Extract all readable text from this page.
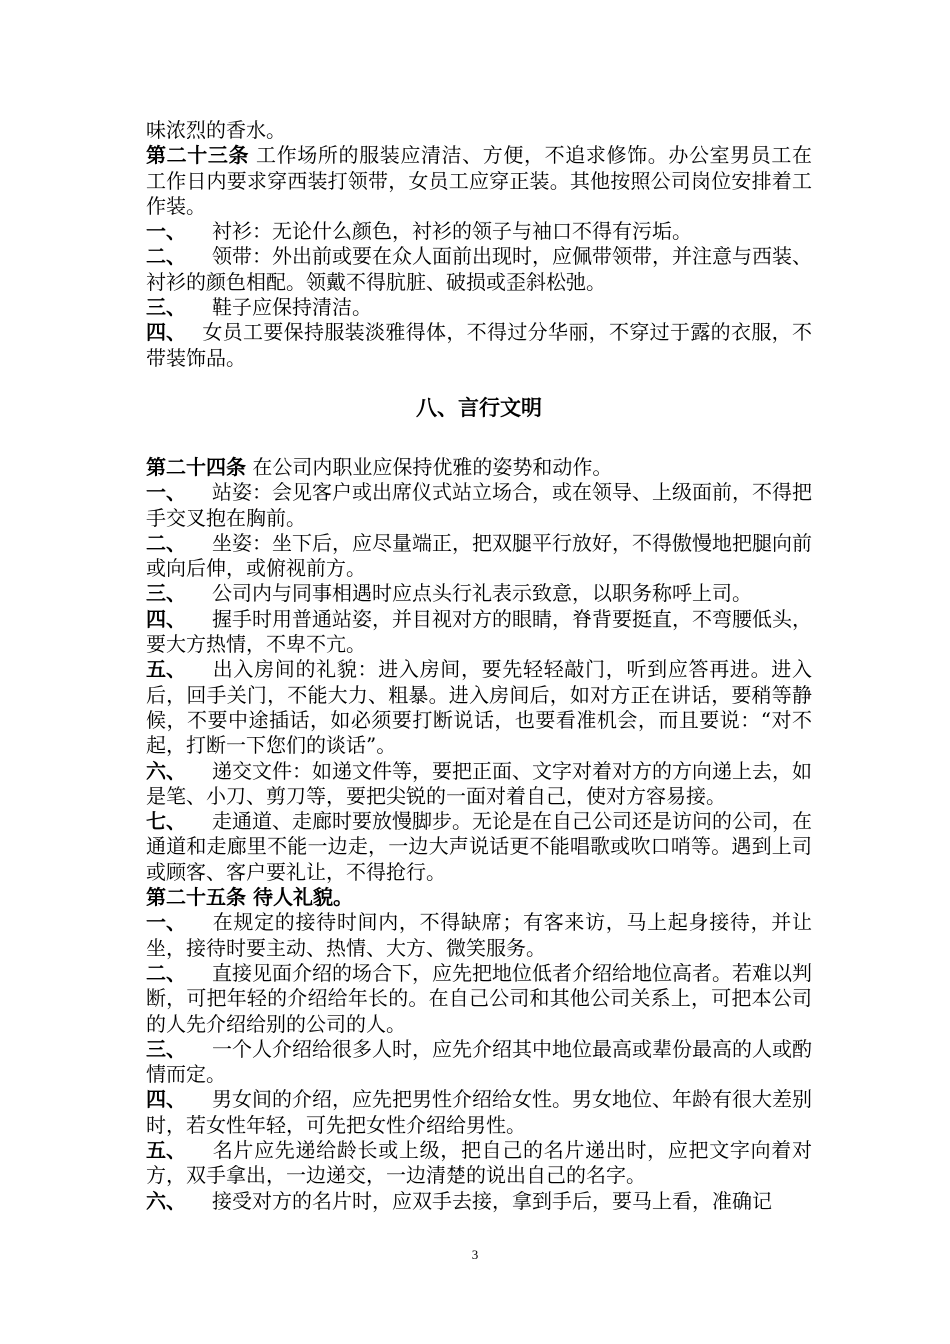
味浓烈的香水。

第二十三条 工作场所的服装应清洁、方便，不追求修饰。办公室男员工在工作日内要求穿西装打领带，女员工应穿正装。其他按照公司岗位安排着工作装。

一、 衬衫：无论什么颜色，衬衫的领子与袖口不得有污垢。

二、 领带：外出前或要在众人面前出现时，应佩带领带，并注意与西装、衬衫的颜色相配。领戴不得肮脏、破损或歪斜松弛。

三、 鞋子应保持清洁。

四、 女员工要保持服装淡雅得体，不得过分华丽，不穿过于露的衣服，不带装饰品。

八、言行文明

第二十四条 在公司内职业应保持优雅的姿势和动作。

一、 站姿：会见客户或出席仪式站立场合，或在领导、上级面前，不得把手交叉抱在胸前。

二、 坐姿：坐下后，应尽量端正，把双腿平行放好，不得傲慢地把腿向前或向后伸，或俯视前方。

三、 公司内与同事相遇时应点头行礼表示致意，以职务称呼上司。

四、 握手时用普通站姿，并目视对方的眼睛，脊背要挺直，不弯腰低头，要大方热情，不卑不亢。

五、 出入房间的礼貌：进入房间，要先轻轻敲门，听到应答再进。进入后，回手关门，不能大力、粗暴。进入房间后，如对方正在讲话，要稍等静候，不要中途插话，如必须要打断说话，也要看准机会，而且要说：“对不起，打断一下您们的谈话”。

六、 递交文件：如递文件等，要把正面、文字对着对方的方向递上去，如是笔、小刀、剪刀等，要把尖锐的一面对着自己，使对方容易接。

七、 走通道、走廊时要放慢脚步。无论是在自己公司还是访问的公司，在通道和走廊里不能一边走，一边大声说话更不能唱歌或吹口哨等。遇到上司或顾客、客户要礼让，不得抢行。

第二十五条 待人礼貌。

一、 在规定的接待时间内，不得缺席；有客来访，马上起身接待，并让坐，接待时要主动、热情、大方、微笑服务。

二、 直接见面介绍的场合下，应先把地位低者介绍给地位高者。若难以判断，可把年轻的介绍给年长的。在自己公司和其他公司关系上，可把本公司的人先介绍给别的公司的人。

三、 一个人介绍给很多人时，应先介绍其中地位最高或辈份最高的人或酌情而定。

四、 男女间的介绍，应先把男性介绍给女性。男女地位、年龄有很大差别时，若女性年轻，可先把女性介绍给男性。

五、 名片应先递给龄长或上级，把自己的名片递出时，应把文字向着对方，双手拿出，一边递交，一边清楚的说出自己的名字。

六、 接受对方的名片时，应双手去接，拿到手后，要马上看，准确记

3
